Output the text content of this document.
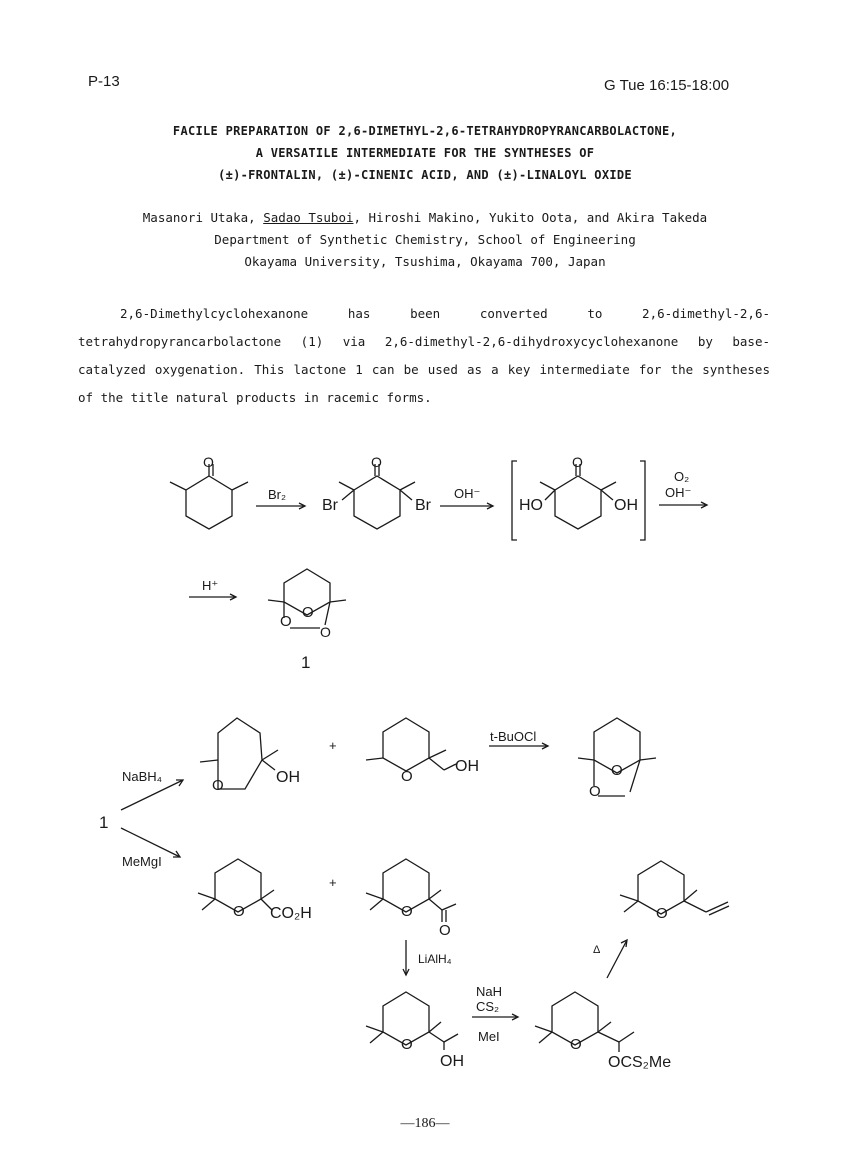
P-13	G Tue 16:15-18:00
FACILE PREPARATION OF 2,6-DIMETHYL-2,6-TETRAHYDROPYRANCARBOLACTONE,
A VERSATILE INTERMEDIATE FOR THE SYNTHESES OF
(±)-FRONTALIN, (±)-CINENIC ACID, AND (±)-LINALOYL OXIDE
Masanori Utaka, Sadao Tsuboi, Hiroshi Makino, Yukito Oota, and Akira Takeda
Department of Synthetic Chemistry, School of Engineering
Okayama University, Tsushima, Okayama 700, Japan

2,6-Dimethylcyclohexanone has been converted to 2,6-dimethyl-2,6-tetrahydropyrancarbolactone (1) via 2,6-dimethyl-2,6-dihydroxycyclohexanone by base-catalyzed oxygenation. This lactone 1 can be used as a key intermediate for the syntheses of the title natural products in racemic forms.

O
Br₂
Br	Br
O
OH⁻
HO	OH
O
O₂
OH⁻
H⁺
O
O
O
1
NaBH₄
1
MeMgI
O	OH
+
O
OH
t-BuOCl
O
O
O CO₂H
+
O
O
O
LiAlH₄
Δ
O
OH
NaH
CS₂
MeI	O
OCS₂Me
—186—
